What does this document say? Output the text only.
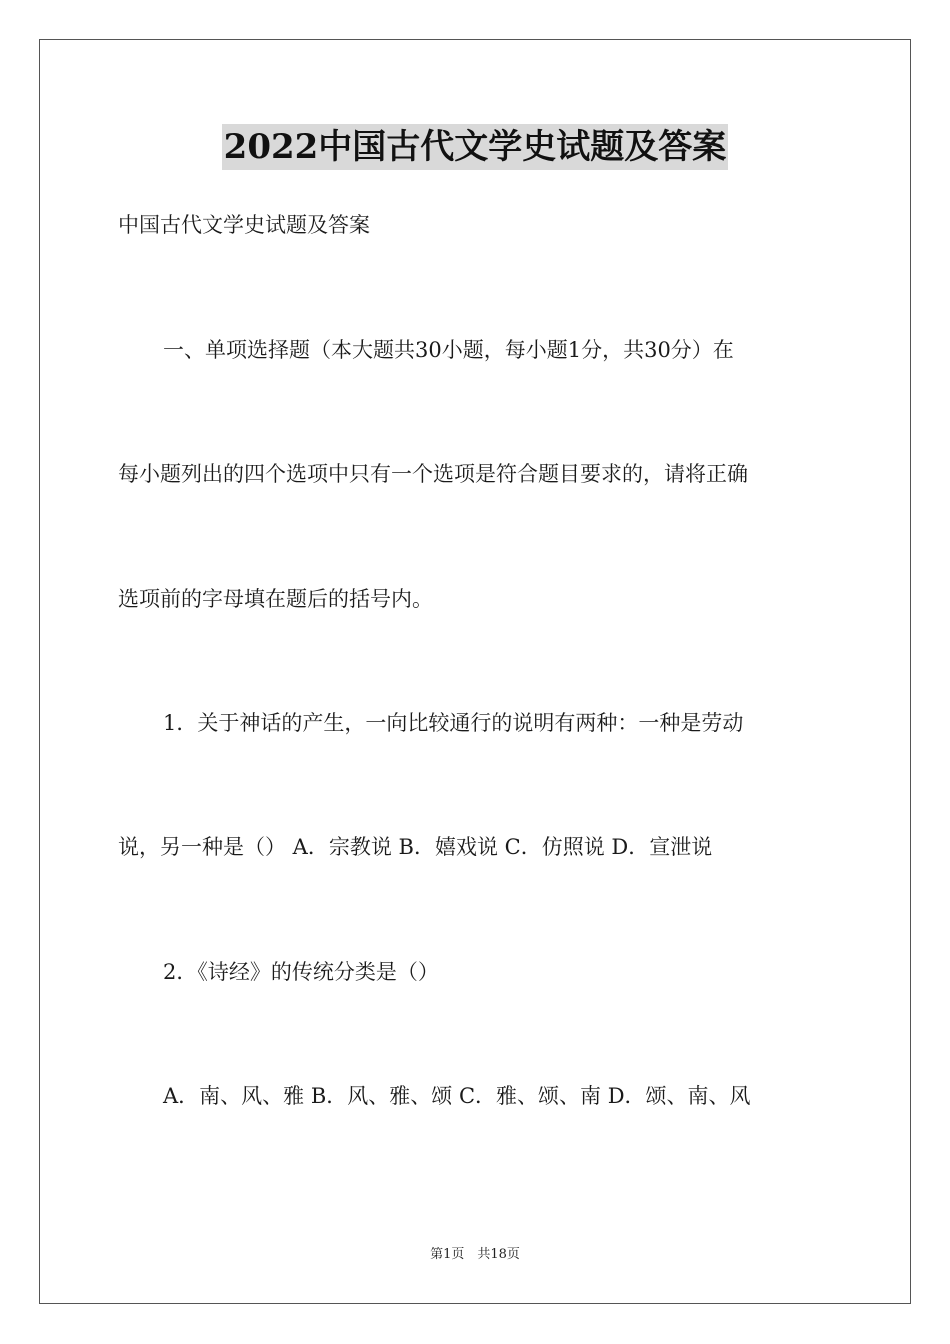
2022中国古代文学史试题及答案
中国古代文学史试题及答案
一、单项选择题（本大题共30小题，每小题1分，共30分）在
每小题列出的四个选项中只有一个选项是符合题目要求的，请将正确
选项前的字母填在题后的括号内。
1．关于神话的产生，一向比较通行的说明有两种：一种是劳动
说，另一种是（） A．宗教说 B．嬉戏说 C．仿照说 D．宣泄说
2．《诗经》的传统分类是（）
A．南、风、雅 B．风、雅、颂 C．雅、颂、南 D．颂、南、风
第1页　共18页
